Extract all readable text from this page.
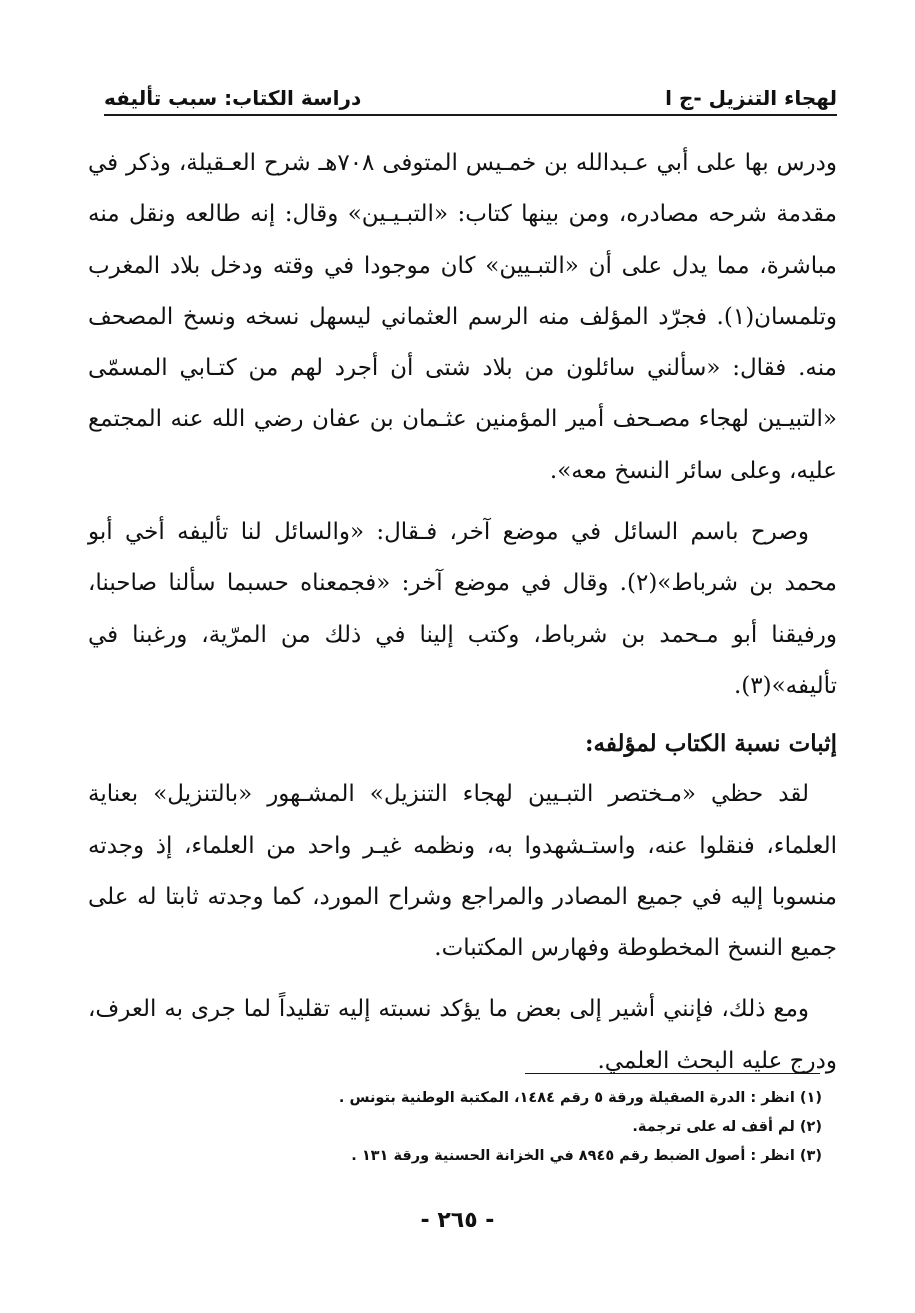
لهجاء التنزيل -ج ا
دراسة الكتاب: سبب تأليفه

ودرس بها على أبي عـبدالله بن خمـيس المتوفى ٧٠٨هـ شرح العـقيلة، وذكر في مقدمة شرحه مصادره، ومن بينها كتاب: «التبـيـين» وقال: إنه طالعه ونقل منه مباشرة، مما يدل على أن «التبـيين» كان موجودا في وقته ودخل بلاد المغرب وتلمسان(١). فجرّد المؤلف منه الرسم العثماني ليسهل نسخه ونسخ المصحف منه. فقال: «سألني سائلون من بلاد شتى أن أجرد لهم من كتـابي المسمّى «التبيـين لهجاء مصـحف أمير المؤمنين عثـمان بن عفان رضي الله عنه المجتمع عليه، وعلى سائر النسخ معه».

وصرح باسم السائل في موضع آخر، فـقال: «والسائل لنا تأليفه أخي أبو محمد بن شرباط»(٢). وقال في موضع آخر: «فجمعناه حسبما سألنا صاحبنا، ورفيقنا أبو مـحمد بن شرباط، وكتب إلينا في ذلك من المرّية، ورغبنا في تأليفه»(٣).

إثبات نسبة الكتاب لمؤلفه:

لقد حظي «مـختصر التبـيين لهجاء التنزيل» المشـهور «بالتنزيل» بعناية العلماء، فنقلوا عنه، واستـشهدوا به، ونظمه غيـر واحد من العلماء، إذ وجدته منسوبا إليه في جميع المصادر والمراجع وشراح المورد، كما وجدته ثابتا له على جميع النسخ المخطوطة وفهارس المكتبات.

ومع ذلك، فإنني أشير إلى بعض ما يؤكد نسبته إليه تقليداً لما جرى به العرف، ودرج عليه البحث العلمي.

(١) انظر : الدرة الصقيلة ورقة ٥ رقم ١٤٨٤، المكتبة الوطنية بتونس .

(٢) لم أقف له على ترجمة.

(٣) انظر : أصول الضبط رقم ٨٩٤٥ في الخزانة الحسنية ورقة ١٣١ .

- ٢٦٥ -
